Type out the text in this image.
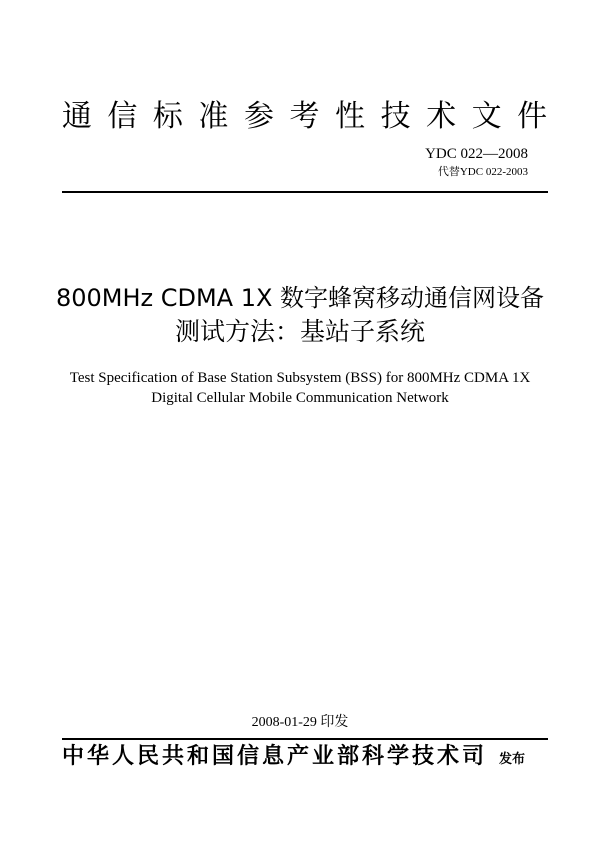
通 信 标 准 参 考 性 技 术 文 件
YDC 022—2008
代替YDC 022-2003
800MHz CDMA 1X 数字蜂窝移动通信网设备
测试方法：基站子系统
Test Specification of Base Station Subsystem (BSS) for 800MHz CDMA 1X
Digital Cellular Mobile Communication Network
2008-01-29 印发
中华人民共和国信息产业部科学技术司 发布
